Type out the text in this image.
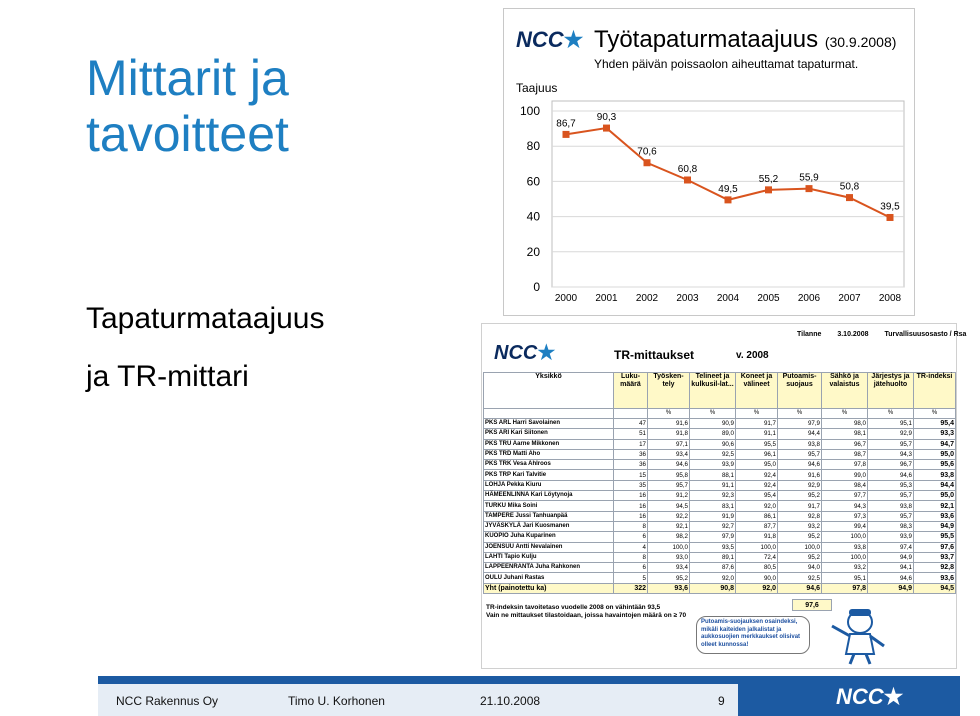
Mittarit ja
tavoitteet
Tapaturmataajuus
ja TR-mittari
NCC★ Työtapaturmataajuus (30.9.2008)
Yhden päivän poissaolon aiheuttamat tapaturmat.
Taajuus
0
20
40
60
80
100
2000 2001 2002 2003 2004 2005 2006 2007 2008
86,7
90,3
70,6
60,8
49,5
55,2 55,9
50,8
39,5
NCC★
Tilanne 3.10.2008 Turvallisuusosasto / Rsa
TR-mittaukset	v. 2008
Yksikkö	Luku-määrä	Työsken-tely	Telineet ja kulkusil-lat...	Koneet ja välineet	Putoamis-suojaus	Sähkö ja valaistus	Järjestys ja jätehuolto	TR-indeksi
		%	%	%	%	%	%	%
PKS ARL Harri Savolainen	47	91,6	90,9	91,7	97,9	98,0	95,1	95,4
PKS ARI Kari Siitonen	51	91,8	89,0	91,1	94,4	98,1	92,9	93,3
PKS TRU Aarne Mikkonen	17	97,1	90,6	95,5	93,8	96,7	95,7	94,7
PKS TRD Matti Aho	36	93,4	92,5	96,1	95,7	98,7	94,3	95,0
PKS TRK Vesa Ahlroos	36	94,6	93,9	95,0	94,6	97,8	96,7	95,6
PKS TRP Kari Talvitie	15	95,8	88,1	92,4	91,6	99,0	94,6	93,8
LOHJA Pekka Kiuru	35	95,7	91,1	92,4	92,9	98,4	95,3	94,4
HÄMEENLINNA Kari Löytynoja	16	91,2	92,3	95,4	95,2	97,7	95,7	95,0
TURKU Mika Soini	16	94,5	83,1	92,0	91,7	94,3	93,8	92,1
TAMPERE Jussi Tanhuanpää	16	92,2	91,9	86,1	92,8	97,3	95,7	93,6
JYVÄSKYLÄ Jari Kuosmanen	8	92,1	92,7	87,7	93,2	99,4	98,3	94,9
KUOPIO Juha Kuparinen	6	98,2	97,9	91,8	95,2	100,0	93,9	95,5
JOENSUU Antti Nevalainen	4	100,0	93,5	100,0	100,0	93,8	97,4	97,6
LAHTI Tapio Kulju	8	93,0	89,1	72,4	95,2	100,0	94,9	93,7
LAPPEENRANTA Juha Rahkonen	6	93,4	87,6	80,5	94,0	93,2	94,1	92,8
OULU Juhani Rastas	5	95,2	92,0	90,0	92,5	95,1	94,6	93,6
Yht (painotettu ka)	322	93,6	90,8	92,0	94,6	97,8	94,9	94,5
97,6
TR-indeksin tavoitetaso vuodelle 2008 on vähintään 93,5
Vain ne mittaukset tilastoidaan, joissa havaintojen määrä on ≥ 70
Putoamis-suojauksen osaindeksi, mikäli kaiteiden jalkalistat ja aukkosuojien merkkaukset olisivat olleet kunnossa!
NCC Rakennus Oy	Timo U. Korhonen	21.10.2008	9	NCC★
